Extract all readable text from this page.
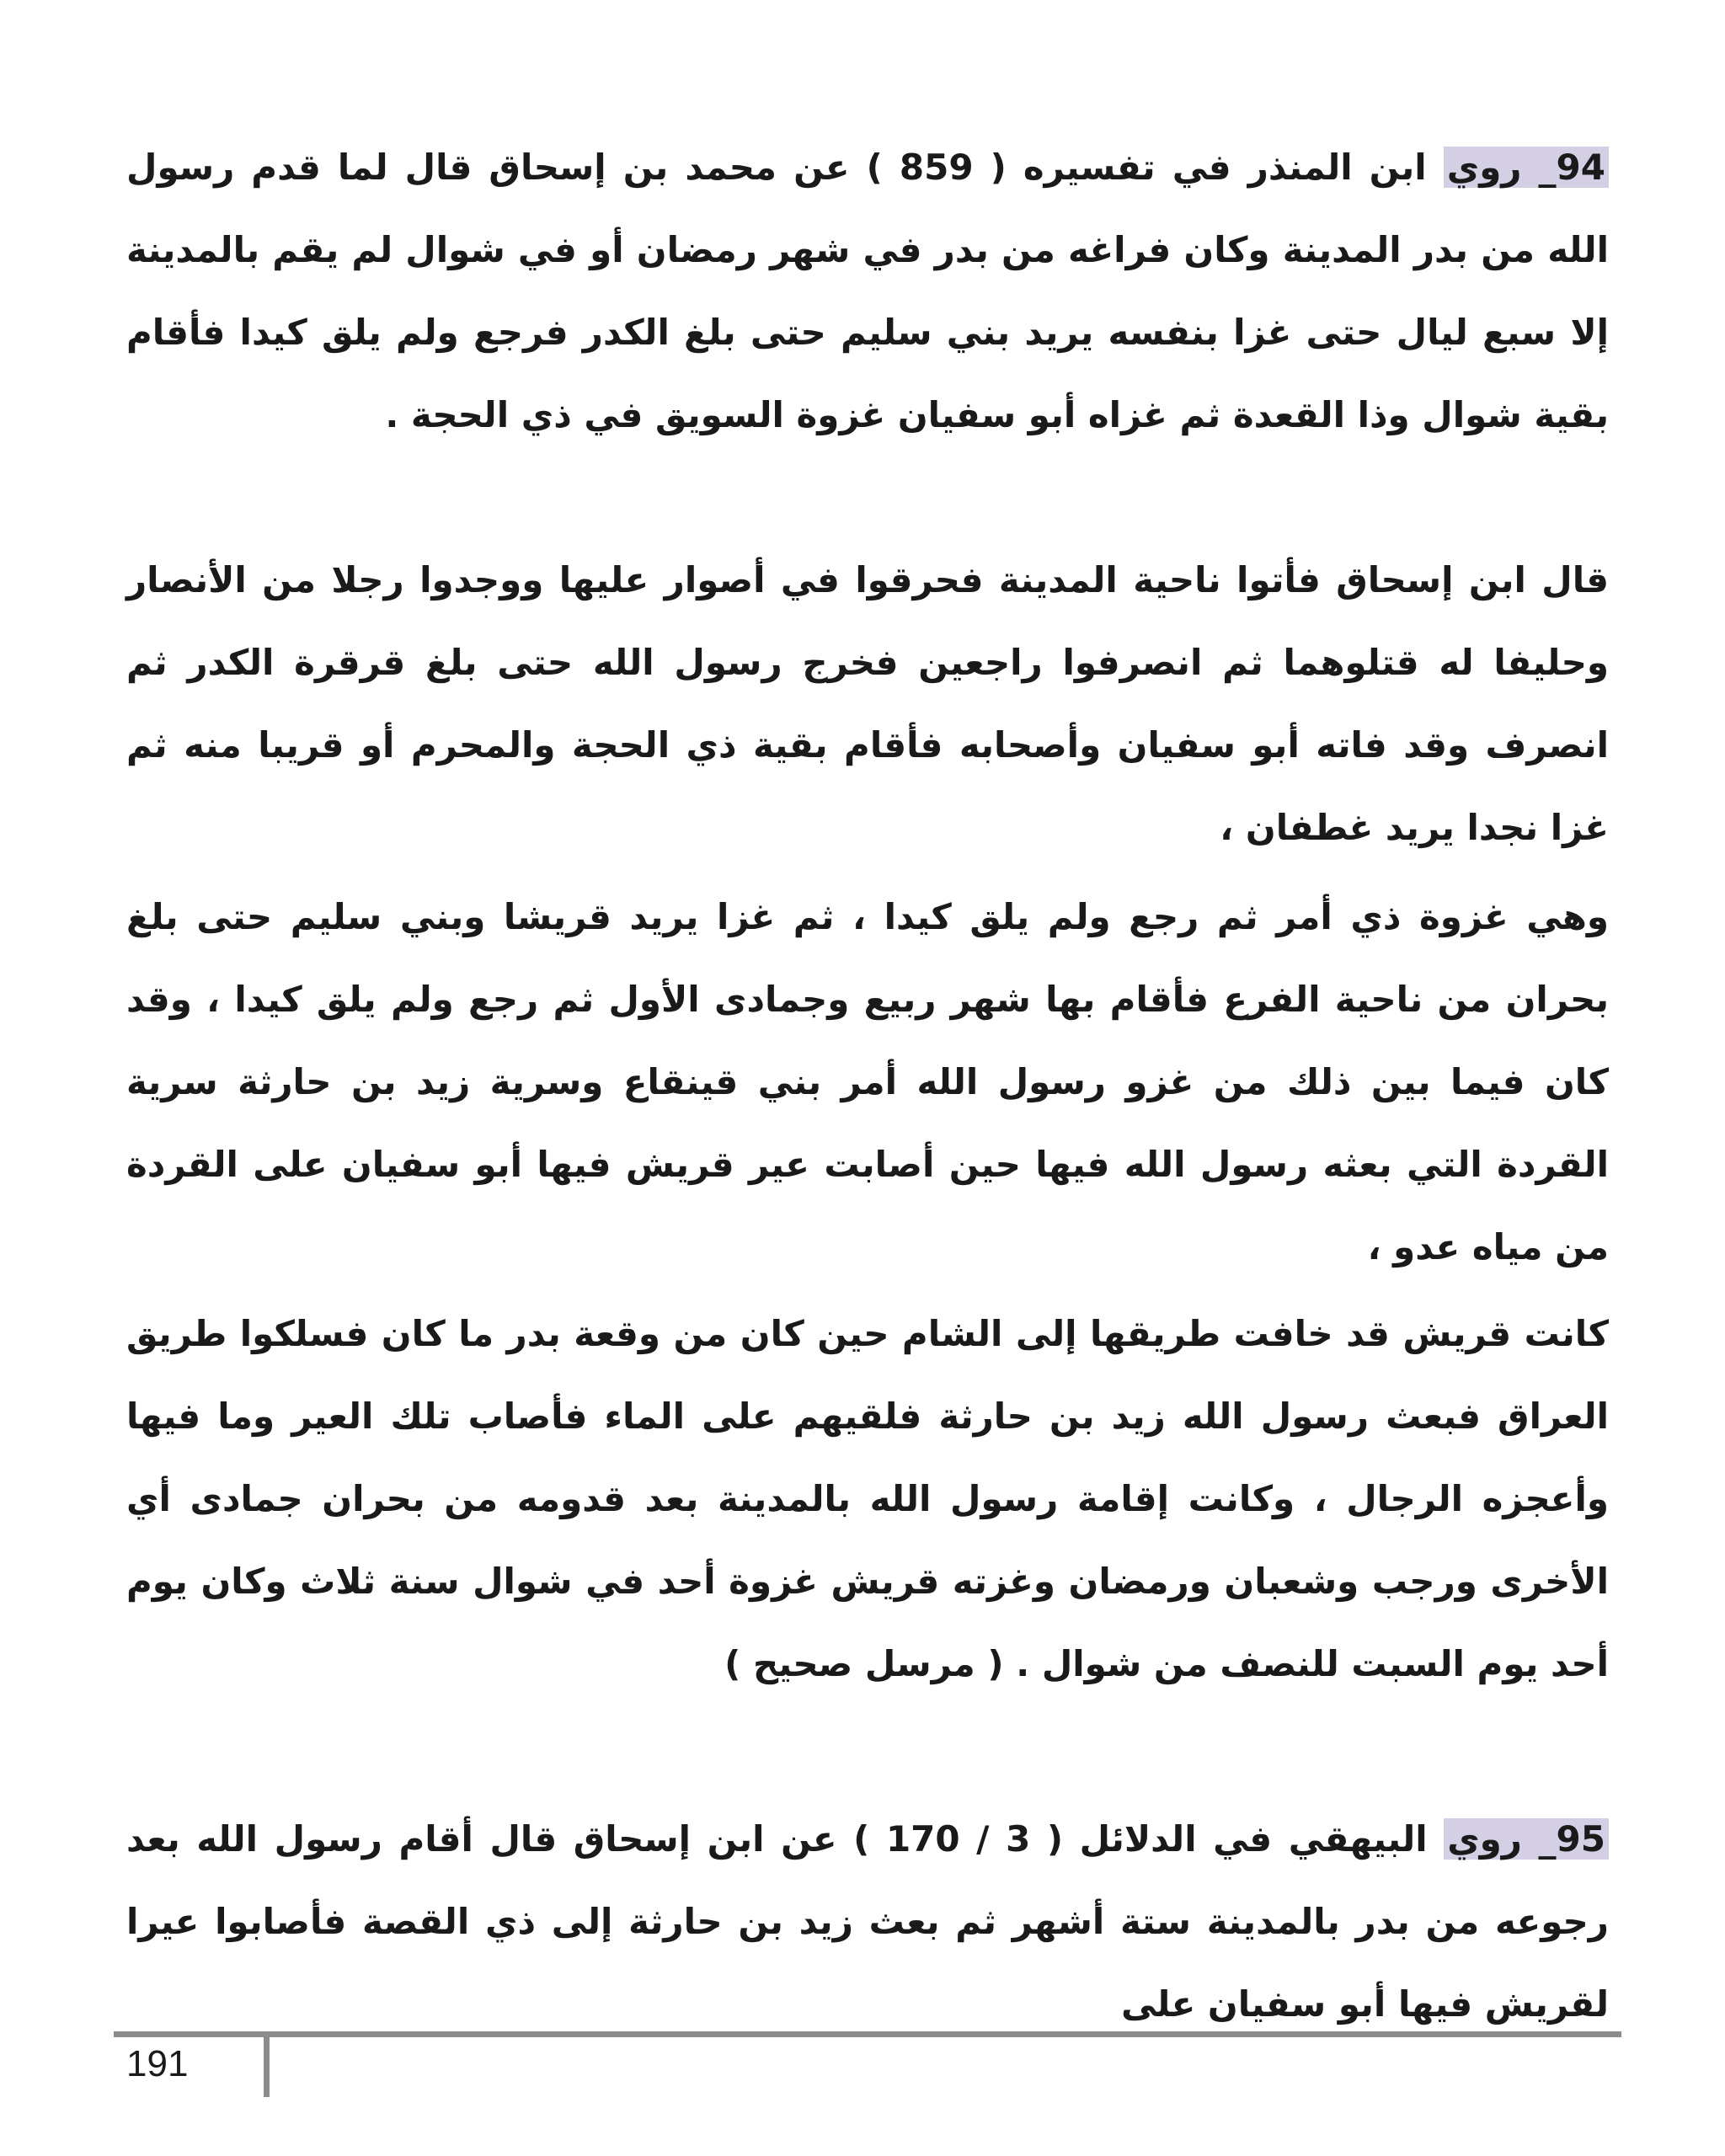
94_ روي ابن المنذر في تفسيره ( 859 ) عن محمد بن إسحاق قال لما قدم رسول الله من بدر المدينة وكان فراغه من بدر في شهر رمضان أو في شوال لم يقم بالمدينة إلا سبع ليال حتى غزا بنفسه يريد بني سليم حتى بلغ الكدر فرجع ولم يلق كيدا فأقام بقية شوال وذا القعدة ثم غزاه أبو سفيان غزوة السويق في ذي الحجة .

قال ابن إسحاق فأتوا ناحية المدينة فحرقوا في أصوار عليها ووجدوا رجلا من الأنصار وحليفا له قتلوهما ثم انصرفوا راجعين فخرج رسول الله حتى بلغ قرقرة الكدر ثم انصرف وقد فاته أبو سفيان وأصحابه فأقام بقية ذي الحجة والمحرم أو قريبا منه ثم غزا نجدا يريد غطفان ،

وهي غزوة ذي أمر ثم رجع ولم يلق كيدا ، ثم غزا يريد قريشا وبني سليم حتى بلغ بحران من ناحية الفرع فأقام بها شهر ربيع وجمادى الأول ثم رجع ولم يلق كيدا ، وقد كان فيما بين ذلك من غزو رسول الله أمر بني قينقاع وسرية زيد بن حارثة سرية القردة التي بعثه رسول الله فيها حين أصابت عير قريش فيها أبو سفيان على القردة من مياه عدو ،

كانت قريش قد خافت طريقها إلى الشام حين كان من وقعة بدر ما كان فسلكوا طريق العراق فبعث رسول الله زيد بن حارثة فلقيهم على الماء فأصاب تلك العير وما فيها وأعجزه الرجال ، وكانت إقامة رسول الله بالمدينة بعد قدومه من بحران جمادى أي الأخرى ورجب وشعبان ورمضان وغزته قريش غزوة أحد في شوال سنة ثلاث وكان يوم أحد يوم السبت للنصف من شوال . ( مرسل صحيح )

95_ روي البيهقي في الدلائل ( 3 / 170 ) عن ابن إسحاق قال أقام رسول الله بعد رجوعه من بدر بالمدينة ستة أشهر ثم بعث زيد بن حارثة إلى ذي القصة فأصابوا عيرا لقريش فيها أبو سفيان على

191
